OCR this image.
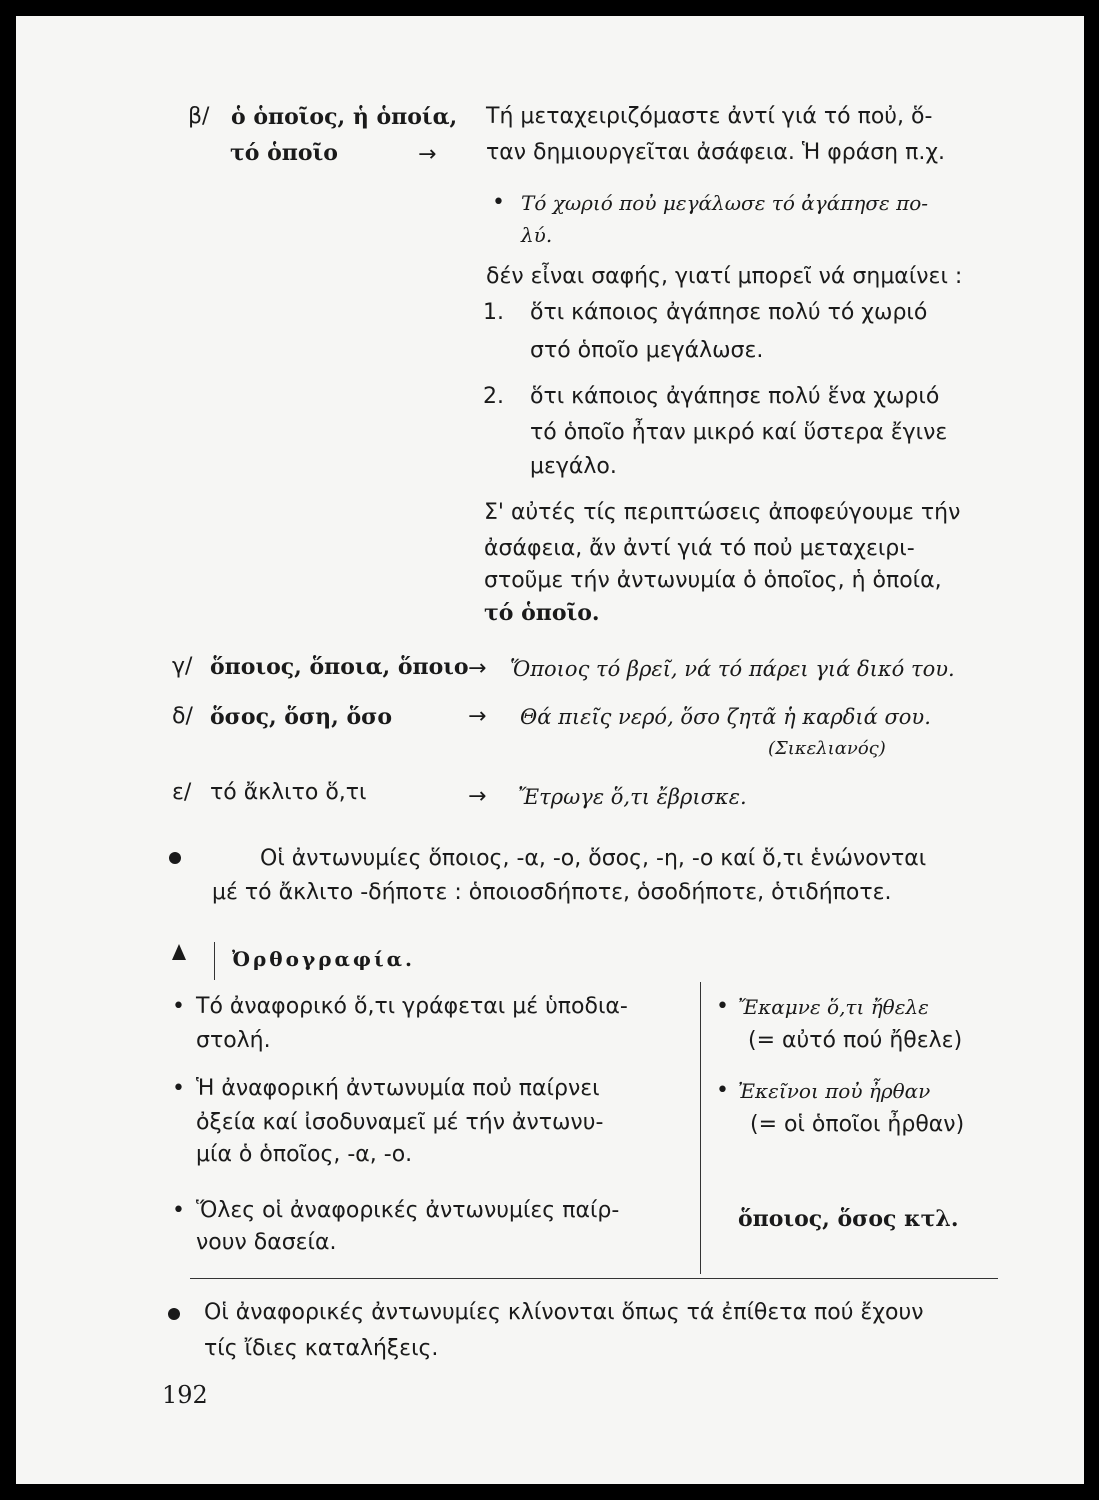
β/ ὁ ὁποῖος, ἡ ὁποία,
τό ὁποῖο	→
Τή μεταχειριζόμαστε ἀντί γιά τό ποὐ, ὅ-
ταν δημιουργεῖται ἀσάφεια. Ἡ φράση π.χ.
• Τό χωριό ποὐ μεγάλωσε τό ἀγάπησε πο-
λύ.
δέν εἶναι σαφής, γιατί μπορεῖ νά σημαίνει :
1. ὅτι κάποιος ἀγάπησε πολύ τό χωριό
στό ὁποῖο μεγάλωσε.
2. ὅτι κάποιος ἀγάπησε πολύ ἕνα χωριό
τό ὁποῖο ἦταν μικρό καί ὕστερα ἔγινε
μεγάλο.
Σ' αὐτές τίς περιπτώσεις ἀποφεύγουμε τήν
ἀσάφεια, ἄν ἀντί γιά τό ποὐ μεταχειρι-
στοῦμε τήν ἀντωνυμία ὁ ὁποῖος, ἡ ὁποία,
τό ὁποῖο.
γ/ ὅποιος, ὅποια, ὅποιο → Ὅποιος τό βρεῖ, νά τό πάρει γιά δικό του.
δ/ ὅσος, ὅση, ὅσο	→ Θά πιεῖς νερό, ὅσο ζητᾶ ἡ καρδιά σου.
(Σικελιανός)
ε/ τό ἄκλιτο ὅ,τι	→ Ἔτρωγε ὅ,τι ἔβρισκε.
Οἱ ἀντωνυμίες ὅποιος, -α, -ο, ὅσος, -η, -ο καί ὅ,τι ἑνώνονται
μέ τό ἄκλιτο -δήποτε : ὁποιοσδήποτε, ὁσοδήποτε, ὁτιδήποτε.
Ὀρθογραφία.
• Τό ἀναφορικό ὅ,τι γράφεται μέ ὑποδια-
στολή.
• Ἔκαμνε ὅ,τι ἤθελε
(= αὐτό πού ἤθελε)
• Ἡ ἀναφορική ἀντωνυμία ποὐ παίρνει
ὀξεία καί ἰσοδυναμεῖ μέ τήν ἀντωνυ-
μία ὁ ὁποῖος, -α, -ο.
• Ἐκεῖνοι ποὐ ἦρθαν
(= οἱ ὁποῖοι ἦρθαν)
• Ὅλες οἱ ἀναφορικές ἀντωνυμίες παίρ-
νουν δασεία.
ὅποιος, ὅσος κτλ.
Οἱ ἀναφορικές ἀντωνυμίες κλίνονται ὅπως τά ἐπίθετα πού ἔχουν
τίς ἴδιες καταλήξεις.
192
